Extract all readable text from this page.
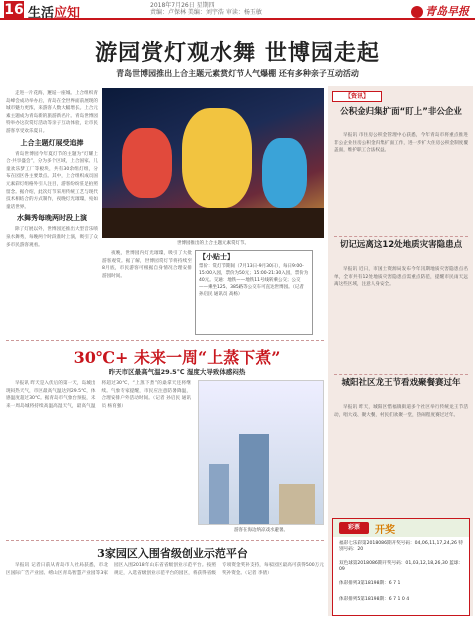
16 生活应知
2018年7月26日 星期四
责编：卢保林 美编：刘宇浩 审读：杨玉敏	青岛早报
游园赏灯观水舞 世博园走起
青岛世博园推出上合主题元素赏灯节人气爆棚 还有多种亲子互动活动

走进一片花海，邂逅一座城。上合组织青岛峰会成功举办后，青岛在全世界面前展现的城市魅力更浓，来游客人数大幅增长。上合元素主题成为青岛新的旅游新名片。青岛世博园特举办这次赏灯活动等亲子互动体验，让市民游客享受欢乐夏日。

上合主题灯展受追捧

青岛世博园今年夏灯节的主题为“灯耀上合·共享盛会”，分为多个区域，上合国家、儿童欢乐梦工厂等板块，共有30余组灯组，分布在园区各主要景点。其中，上合组织成员国元素彩灯组格外引人注目，游客纷纷驻足拍照留念。据介绍，此次灯节采用传统工艺与现代技术相结合的方式制作，夜晚灯光璀璨，宛如童话世界。

水舞秀每晚两时段上演

除了灯展以外，世博园还推出大型音乐喷泉水舞秀，每晚两个时段准时上演，吸引了众多市民游客观看。	世博园推出的上合主题元素赏灯节。

夜晚，世博园内灯光璀璨，吸引了大批游客观赏。据了解，世博园赏灯节将持续至8月底，市民游客可根据自身情况合理安排游园时间。

【小贴士】
票价：赏灯节期间（7月13日-9月30日），每日9:00-15:00入园，票价为50元；15:00-21:30入园，票价为40元。交通：地铁——地铁11号线转乘公交；公交——乘坐125、385路等公交车可直达世博园。（记者 孙启民 通讯员 高杨）
30℃+ 未来一周“上蒸下煮”
昨天市区最高气温29.5℃ 湿度大导致体感闷热

早报讯 昨天是入伏后的第一天，岛城出现闷热天气，市区最高气温达到29.5℃，体感温度超过30℃。据青岛市气象台预报，未来一周岛城将持续高温高湿天气，最高气温将超过30℃，“上蒸下煮”的桑拿天还将继续。气象专家提醒，市民应注意防暑降温，合理安排户外活动时间。（记者 孙启民 通讯员 杨育强）

游客在海边纳凉戏水避暑。
3家园区入围省级创业示范平台

早报讯 记者日前从青岛市人社局获悉，市北区国际广告产业园、崂山区青岛智慧产业园等3家园区入围2018年山东省省级创业示范平台。按照规定，入选省级创业示范平台的园区，将获得省级专项资金奖补支持，每家园区最高可获得500万元奖补资金。（记者 李倩）

【资讯】
公积金归集扩面“盯上”非公企业

早报讯 市住房公积金管理中心获悉，今年青岛市将重点推进非公企业住房公积金归集扩面工作，进一步扩大住房公积金制度覆盖面，维护职工合法权益。

切记远离这12处地质灾害隐患点

早报讯 近日，市国土资源局发布今年汛期地质灾害隐患点名单，全市共有12处地质灾害隐患点需重点防范，提醒市民雨天远离这些区域，注意人身安全。

城阳社区龙王节看戏聚餐赛过年

早报讯 昨天，城阳区惜福镇街道多个社区举行传统龙王节活动，唱大戏、聚大餐，村民们欢聚一堂，热闹程度赛过过年。

彩票	开奖
福彩七乐彩第2018086期开奖号码：04,06,11,17,24,26 特别号码：20
双色球第2018086期开奖号码：01,03,12,18,26,30 蓝球：09
体彩排列3第18198期：6 7 1
体彩排列5第18198期：6 7 1 0 4
